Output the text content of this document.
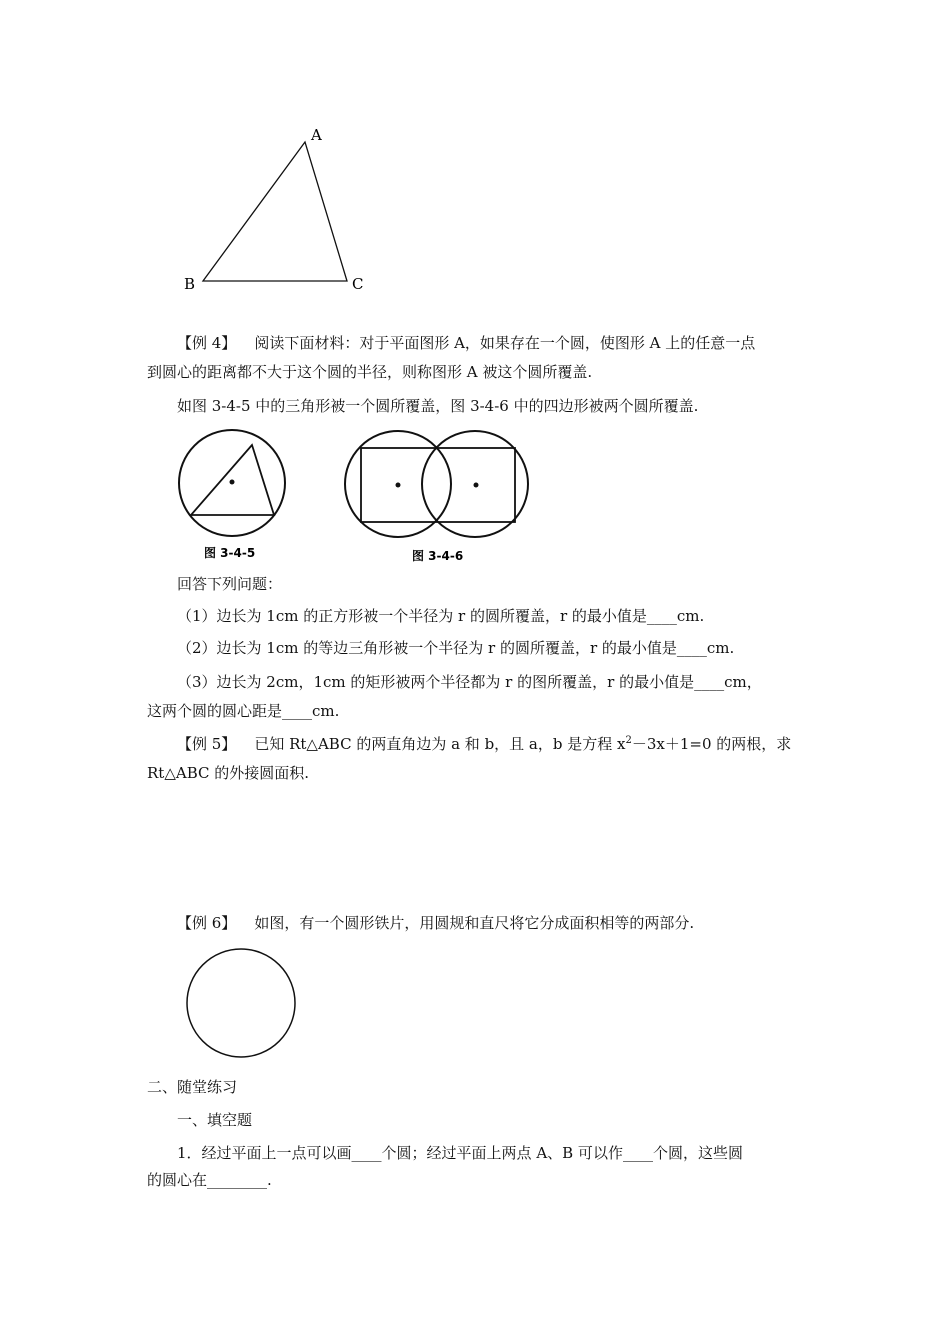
A
B	C
【例 4】 阅读下面材料：对于平面图形 A，如果存在一个圆，使图形 A 上的任意一点
到圆心的距离都不大于这个圆的半径，则称图形 A 被这个圆所覆盖.
如图 3-4-5 中的三角形被一个圆所覆盖，图 3-4-6 中的四边形被两个圆所覆盖.
图 3-4-5	图 3-4-6
回答下列问题：
（1）边长为 1cm 的正方形被一个半径为 r 的圆所覆盖，r 的最小值是____cm.
（2）边长为 1cm 的等边三角形被一个半径为 r 的圆所覆盖，r 的最小值是____cm.
（3）边长为 2cm，1cm 的矩形被两个半径都为 r 的图所覆盖，r 的最小值是____cm，
这两个圆的圆心距是____cm.
【例 5】 已知 Rt△ABC 的两直角边为 a 和 b，且 a，b 是方程 $x^2-3x+1=0$ 的两根，求
Rt△ABC 的外接圆面积.
【例 6】 如图，有一个圆形铁片，用圆规和直尺将它分成面积相等的两部分.
二、随堂练习
一、填空题
1．经过平面上一点可以画____个圆；经过平面上两点 A、B 可以作____个圆，这些圆
的圆心在________.
